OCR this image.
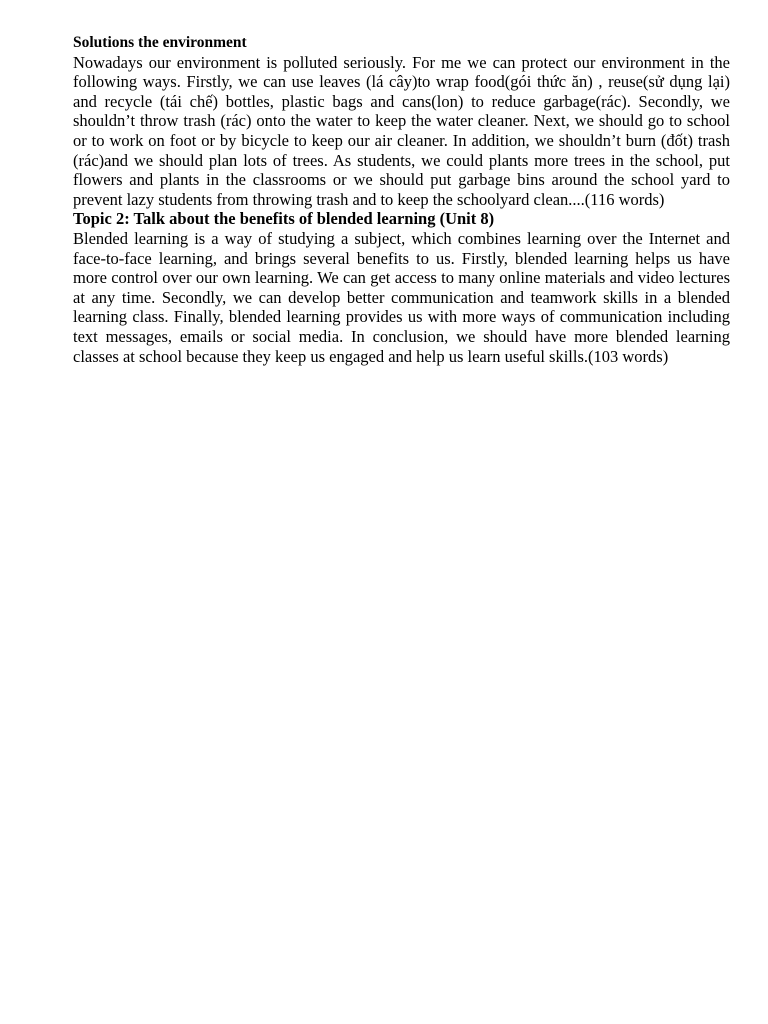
Solutions the environment

Nowadays our environment is polluted seriously. For me we can protect our environment in the following ways. Firstly, we can use leaves (lá cây)to wrap food(gói thức ăn) , reuse(sử dụng lại) and recycle (tái chế) bottles, plastic bags and cans(lon) to reduce garbage(rác). Secondly, we shouldn’t throw trash (rác) onto the water to keep the water cleaner. Next, we should go to school or to work on foot or by bicycle to keep our air cleaner. In addition, we shouldn’t burn (đốt) trash (rác)and we should plan lots of trees. As students, we could plants more trees in the school, put flowers and plants in the classrooms or we should put garbage bins around the school yard to prevent lazy students from throwing trash and to keep the schoolyard clean....(116 words)

Topic 2: Talk about the benefits of blended learning (Unit 8)

Blended learning is a way of studying a subject, which combines learning over the Internet and face-to-face learning, and brings several benefits to us. Firstly, blended learning helps us have more control over our own learning. We can get access to many online materials and video lectures at any time. Secondly, we can develop better communication and teamwork skills in a blended learning class. Finally, blended learning provides us with more ways of communication including text messages, emails or social media. In conclusion, we should have more blended learning classes at school because they keep us engaged and help us learn useful skills.(103 words)
